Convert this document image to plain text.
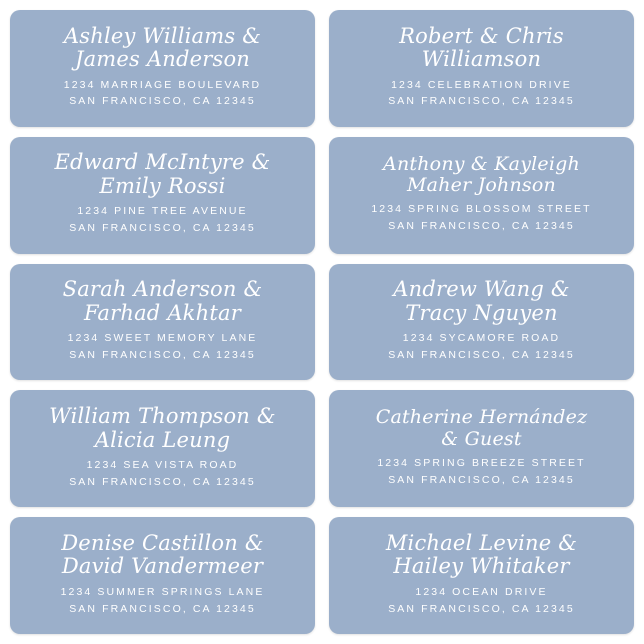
Ashley Williams &
James Anderson
1234 MARRIAGE BOULEVARD
SAN FRANCISCO, CA 12345
Robert & Chris
Williamson
1234 CELEBRATION DRIVE
SAN FRANCISCO, CA 12345
Edward McIntyre &
Emily Rossi
1234 PINE TREE AVENUE
SAN FRANCISCO, CA 12345
Anthony & Kayleigh
Maher Johnson
1234 SPRING BLOSSOM STREET
SAN FRANCISCO, CA 12345
Sarah Anderson &
Farhad Akhtar
1234 SWEET MEMORY LANE
SAN FRANCISCO, CA 12345
Andrew Wang &
Tracy Nguyen
1234 SYCAMORE ROAD
SAN FRANCISCO, CA 12345
William Thompson &
Alicia Leung
1234 SEA VISTA ROAD
SAN FRANCISCO, CA 12345
Catherine Hernández
& Guest
1234 SPRING BREEZE STREET
SAN FRANCISCO, CA 12345
Denise Castillon &
David Vandermeer
1234 SUMMER SPRINGS LANE
SAN FRANCISCO, CA 12345
Michael Levine &
Hailey Whitaker
1234 OCEAN DRIVE
SAN FRANCISCO, CA 12345
